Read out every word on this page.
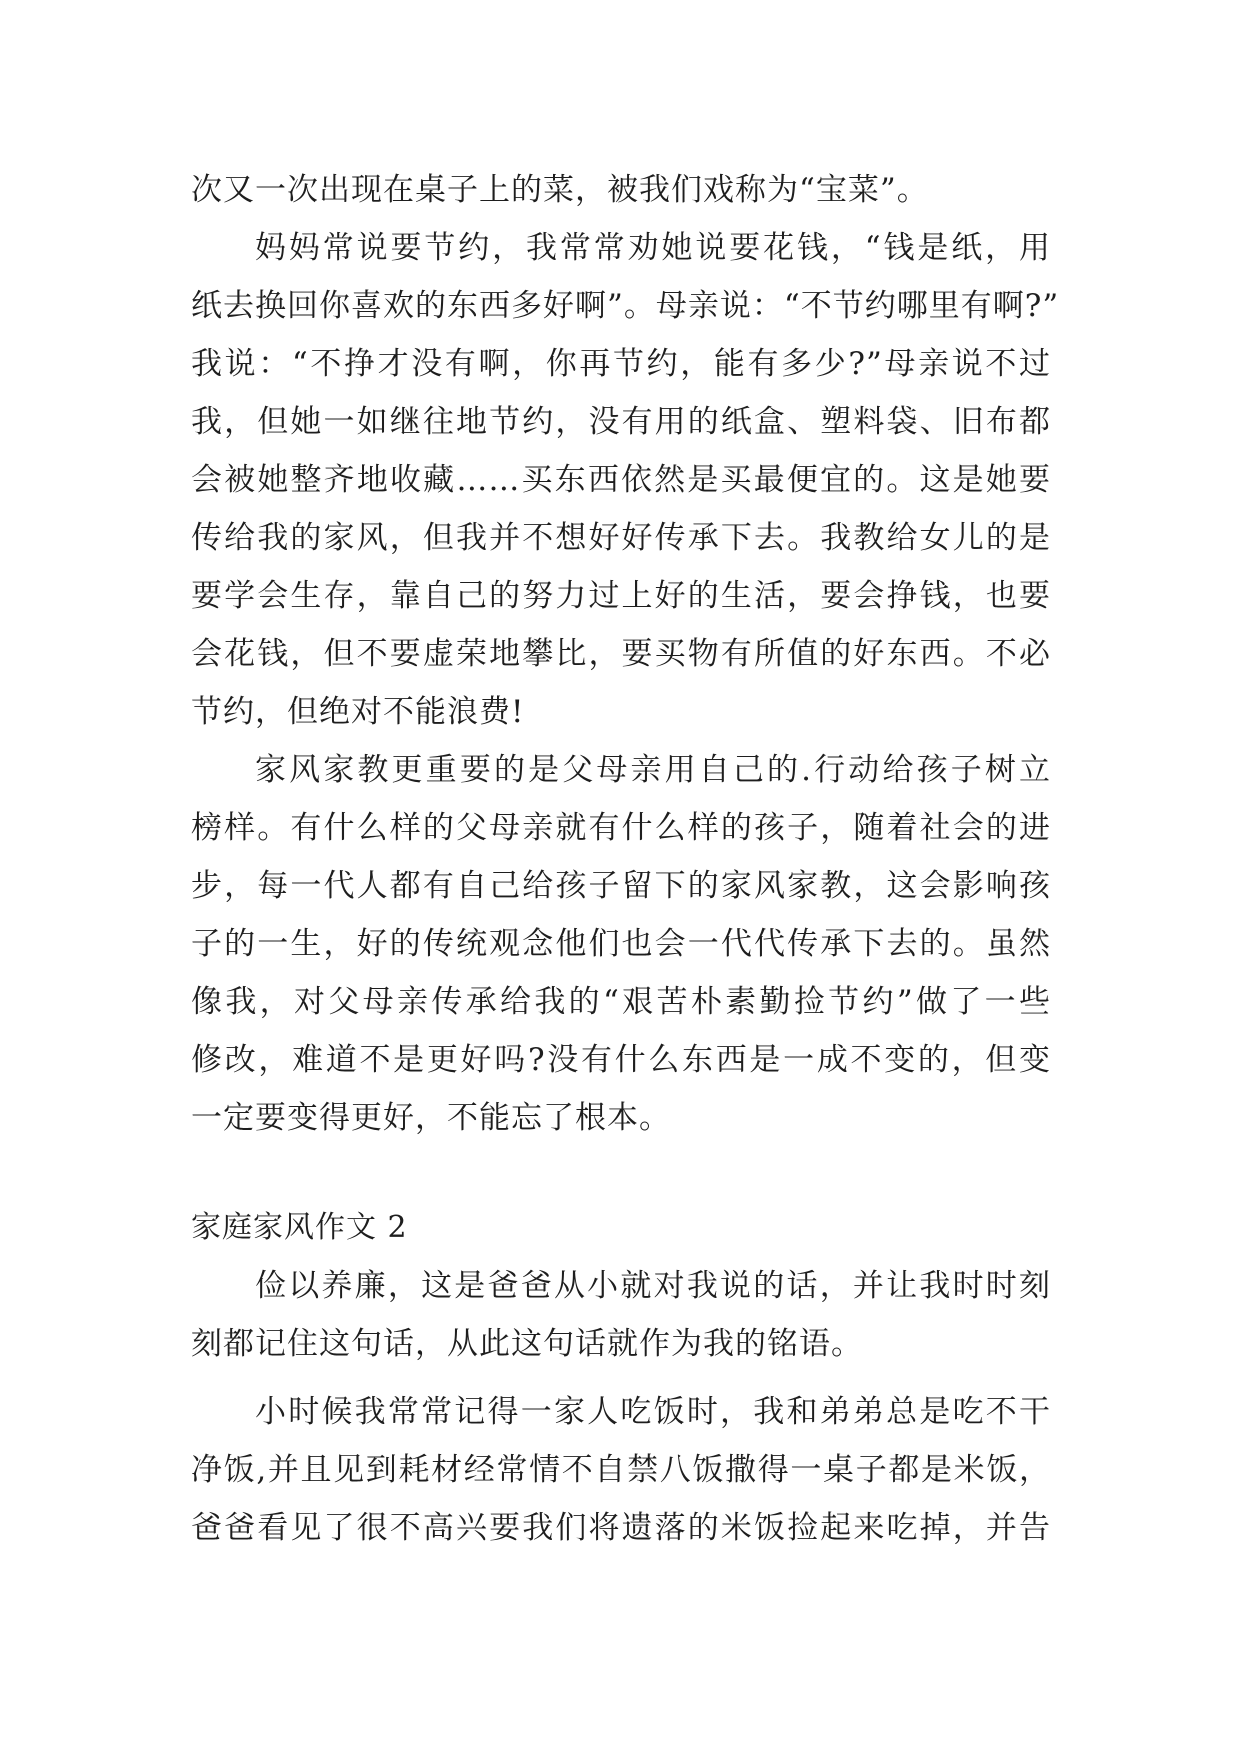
次又一次出现在桌子上的菜，被我们戏称为“宝菜”。
妈妈常说要节约，我常常劝她说要花钱，“钱是纸，用
纸去换回你喜欢的东西多好啊”。母亲说：“不节约哪里有啊?”
我说：“不挣才没有啊，你再节约，能有多少?”母亲说不过
我，但她一如继往地节约，没有用的纸盒、塑料袋、旧布都
会被她整齐地收藏……买东西依然是买最便宜的。这是她要
传给我的家风，但我并不想好好传承下去。我教给女儿的是
要学会生存，靠自己的努力过上好的生活，要会挣钱，也要
会花钱，但不要虚荣地攀比，要买物有所值的好东西。不必
节约，但绝对不能浪费!
家风家教更重要的是父母亲用自己的.行动给孩子树立
榜样。有什么样的父母亲就有什么样的孩子，随着社会的进
步，每一代人都有自己给孩子留下的家风家教，这会影响孩
子的一生，好的传统观念他们也会一代代传承下去的。虽然
像我，对父母亲传承给我的“艰苦朴素勤捡节约”做了一些
修改，难道不是更好吗?没有什么东西是一成不变的，但变
一定要变得更好，不能忘了根本。
家庭家风作文 2
俭以养廉，这是爸爸从小就对我说的话，并让我时时刻
刻都记住这句话，从此这句话就作为我的铭语。
小时候我常常记得一家人吃饭时，我和弟弟总是吃不干
净饭,并且见到耗材经常情不自禁八饭撒得一桌子都是米饭，
爸爸看见了很不高兴要我们将遗落的米饭捡起来吃掉，并告
